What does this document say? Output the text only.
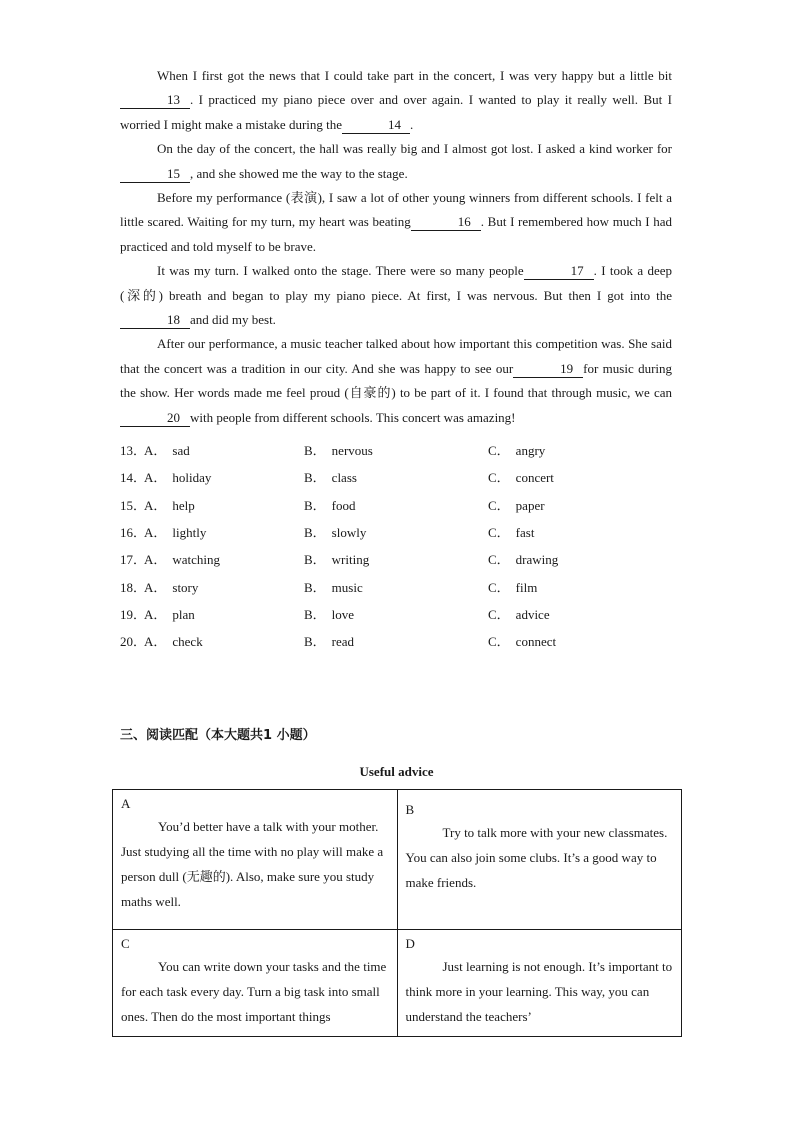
When I first got the news that I could take part in the concert, I was very happy but a little bit13 . I practiced my piano piece over and over again. I wanted to play it really well. But I worried I might make a mistake during the	14 .

On the day of the concert, the hall was really big and I almost got lost. I asked a kind worker for15 , and she showed me the way to the stage.

Before my performance (表演), I saw a lot of other young winners from different schools. I felt a little scared. Waiting for my turn, my heart was beating	16 . But I remembered how much I had practiced and told myself to be brave.

It was my turn. I walked onto the stage. There were so many people	17 . I took a deep (深的) breath and began to play my piano piece. At first, I was nervous. But then I got into the18 and did my best.

After our performance, a music teacher talked about how important this competition was. She said that the concert was a tradition in our city. And she was happy to see our	19 for music during the show. Her words made me feel proud (自豪的) to be part of it. I found that through music, we can20 with people from different schools. This concert was amazing!

13．
A． sad	B． nervous	C． angry
14．
A． holiday	B． class	C． concert
15．
A． help	B． food	C． paper
16．
A． lightly	B． slowly	C． fast
17．
A． watching	B． writing	C． drawing
18．
A． story	B． music	C． film
19．
A． plan	B． love	C． advice
20．
A． check	B． read	C． connect
三、阅读匹配（本大题共1 小题）
Useful advice
A

You’d better have a talk with your mother. Just studying all the time with no play will make a person dull (无趣的). Also, make sure you study maths well.	B

Try to talk more with your new classmates. You can also join some clubs. It’s a good way to make friends.

C

You can write down your tasks and the time for each task every day. Turn a big task into small ones. Then do the most important things	D

Just learning is not enough. It’s important to think more in your learning. This way, you can understand the teachers’
